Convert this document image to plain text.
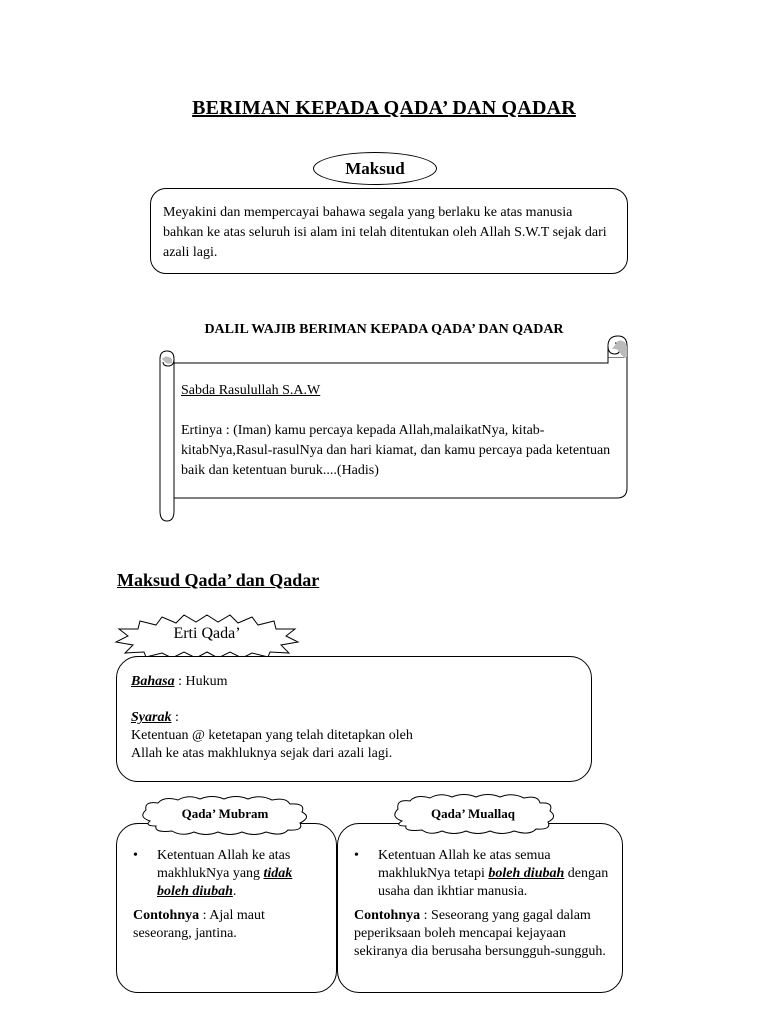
BERIMAN KEPADA QADA’ DAN QADAR
Maksud
Meyakini dan mempercayai bahawa segala yang berlaku ke atas manusia bahkan ke atas seluruh isi alam ini telah ditentukan oleh Allah S.W.T sejak dari azali lagi.
DALIL WAJIB BERIMAN KEPADA QADA’ DAN QADAR
Sabda Rasulullah S.A.W
Ertinya : (Iman) kamu percaya kepada Allah,malaikatNya, kitab-kitabNya,Rasul-rasulNya dan hari kiamat, dan kamu percaya pada ketentuan baik dan ketentuan buruk....(Hadis)
Maksud Qada’ dan Qadar
Erti Qada’
Bahasa : Hukum
Syarak :
Ketentuan @ ketetapan yang telah ditetapkan oleh
Allah ke atas makhluknya sejak dari azali lagi.
•	Ketentuan Allah ke atas makhlukNya yang tidak boleh diubah.
Contohnya : Ajal maut seseorang, jantina.
•	Ketentuan Allah ke atas semua makhlukNya tetapi boleh diubah dengan usaha dan ikhtiar manusia.
Contohnya : Seseorang yang gagal dalam peperiksaan boleh mencapai kejayaan sekiranya dia berusaha bersungguh-sungguh.
Qada’ Mubram	Qada’ Muallaq
